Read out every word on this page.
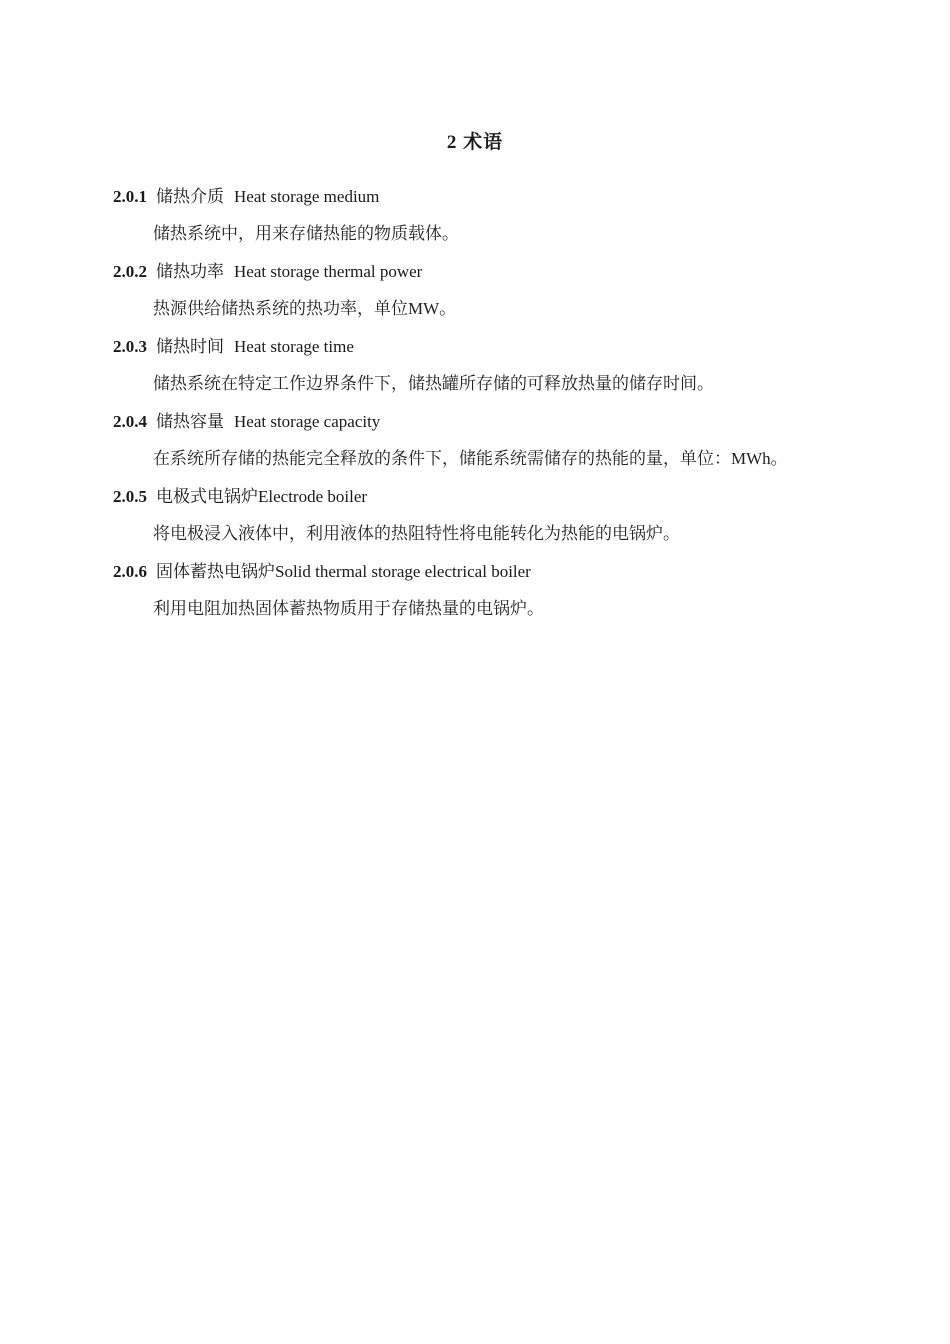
2 术语
2.0.1 储热介质 Heat storage medium
储热系统中，用来存储热能的物质载体。
2.0.2 储热功率 Heat storage thermal power
热源供给储热系统的热功率，单位MW。
2.0.3 储热时间 Heat storage time
储热系统在特定工作边界条件下，储热罐所存储的可释放热量的储存时间。
2.0.4 储热容量 Heat storage capacity
在系统所存储的热能完全释放的条件下，储能系统需储存的热能的量，单位：MWh。
2.0.5 电极式电锅炉Electrode boiler
将电极浸入液体中，利用液体的热阻特性将电能转化为热能的电锅炉。
2.0.6 固体蓄热电锅炉Solid thermal storage electrical boiler
利用电阻加热固体蓄热物质用于存储热量的电锅炉。
